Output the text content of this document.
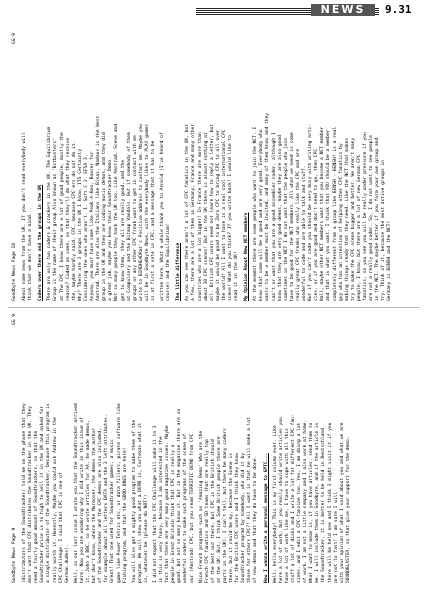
NEWS	9.31
Goodbyte News Page 9
GG 9
(distributors of the Soundtracker) told me on the phone that they don't want that CPC distributes the Soundtracker in the UK. They need a fairly good amount of Soundtrackers, so that the Soundtracker price is to high to sell it in the UK and asked for a single distributor of the Soundtracker, because this program is really worth it. Honestly, Maybe you could ask Andrew in the CPC Challenge. I said that CPC is one of German dudes). Well, in our last issue I wrote you that the Soundtracker arrived here. Now you are wondering why I did write in this issue of it, John a BBC, so he wrote articles for AA, he made demos, but don't know, where the Moreover, the demos the author of the Soundtracker and the CPC demos are also included, for example about all letters DATA and the 3 left attributes. Great! That one used for Soundtracker games, a music game like Power Tetris etc, or data fillers, pirate software like Fishing program, and that the GOOD ONES are here! You will also get a mighty good program to make them of the program. We will show you what a DEMO is, Cortexas what it is, whatever be (please do NOT!) I did not expect that the CPC Challenge will make it to 3 in this is very funny, because I am interested in the fact that there are very many good magazine issues. Maybe people in Great Britain think that CPC is really a good, but not so many know it. But in the magazine there are so wonderful coders to make such programs of the scene of our (Amstrad) CPC, but you read TERRIFIC DEMO from CPC Nice French programs such as 'Amazing Demo' Who are the French CPC fanatics and SO teams that are really top of the best out there, but CPC is the British should at the UK. But, I think Some British people there are parts in the UK). I can't tell, but there be many coders there, but it could be my, because the Scene is for the British CPC users and I think they know Soundtracker program by somebody, who did it by those for others CPC?! All I want is that he will make a lot of new demos and that they do have to be done. How I wanna write a personal message to GPTC... Well, hello everybody! This is my first column ever. Like here a lot of work, but you really should write articles you have a lot of work like me, I have to cope with all this stuff a lot of disks and I write a lot for different CPC fan- zines, and I edit a CPC-fanzine too. Yes, I am doing a lot of work. I am not a little company and I also work at home. What I want to mean is, if you have articles, send them to me. I will include them in Goodbyte, and if the article is the Soundtracker, it is better to be held in Deutschland there will be held one and I think I might visit it if you are not to fast! I am sure I will with your opinion of what I said about you and what we are SOUNDBLASTER, so that give your support for the demo.
Goodbyte News Page 10
GG 9
About some news from the UK. If you don't read everybody will think that we don't have a mind... Coders over there and the groups in the UK There are only two coders & crackers in the UK. The Equilibrium Group is the name of their group Also known as 'Bitbusters' at The CPC. I know there are a lot of good people, mostly the reason? Coded on some, so that they'll do what they receive the, maybe hardly said, CPC, because CPC'ers do not do it. Why? There are 3 groups in the UK I know, ITS Certainly Considering the ones who aren't. 1. Soft C 2. EFSA 3. Anyway, you must have some like Peak-A-Boo, Bowser for Amstrad. There are also the Italians like Binas, Nadaus is the best group in the UK and they are coding music demos, and they did a great job, maybe you know their Soundtracker Demo. Not so many people they hack the UK too. Like Amstrad, Scene and get to know them, they all are really good, and the at Compulsory and the Bitmap Vandals. But if somebody of them groups or any other CPC freak want to get in contact with me write to BIRDHEADRat's Positive address to contact me. Maybe you will be in Goodbyte News, with the everybody likes to PLAY games is at first a vote in CPC, and a message that it has to be written here. What a whole thank you to Arnold (I've heard of course) and the Equilibrium! The little difference As you can see there aren't a lot of CPC fanatics in the UK, but a few, there are a lot of them in Germany, France and many other countries who are a lot bigger! In France there are more than about 30 CPC scenes! But in the UK there is almost nothing at all. British CPC users need not learn how to reply a letter, but maybe it would be good to be Zero CPC to bring CPC to all over the world! All I want to have is a real cool international CPC scene! What do you think? If you write back! I would like to read it in the UK! My Opinion About New NCT members At the moment there are some people who want to join the NCT. I know that some will be a good and are very good. Everybody who wants to be a member must be invited, and many of them know and they can't or want that you are a good assembler coder, although I know that they are very good demos, maybe they are also good sometimes in the NCT I do not want that the people who join have to be good for the NCT members. All what we need is some really great CPC freaks who really like the CPC and are wonderful to code and are able to talk and stuff. But if you can't code you should be very busy with writing arti- cles, or if you are good and don't need to go, then CPC Wall, maybe other NCT members want that you become a NCT member and that is what you want. I think that YOU should be a member completely different from a group like BENSH - BENSH! is a real guy who has an intention of helping other CPC fanatics by making things ready that they need. Like the NCT that makes try to make the CPC scene bigger and better. We aren't many people, I know, but there are a lot of new German CPC fanatics, so you see you will be really under pressure if you are not a really good coder. So, I do not want to see people in the NCT. The maybe better if you form your own group and try. Think of it, because the most active groups in Germany is BENSH and the NCT!
